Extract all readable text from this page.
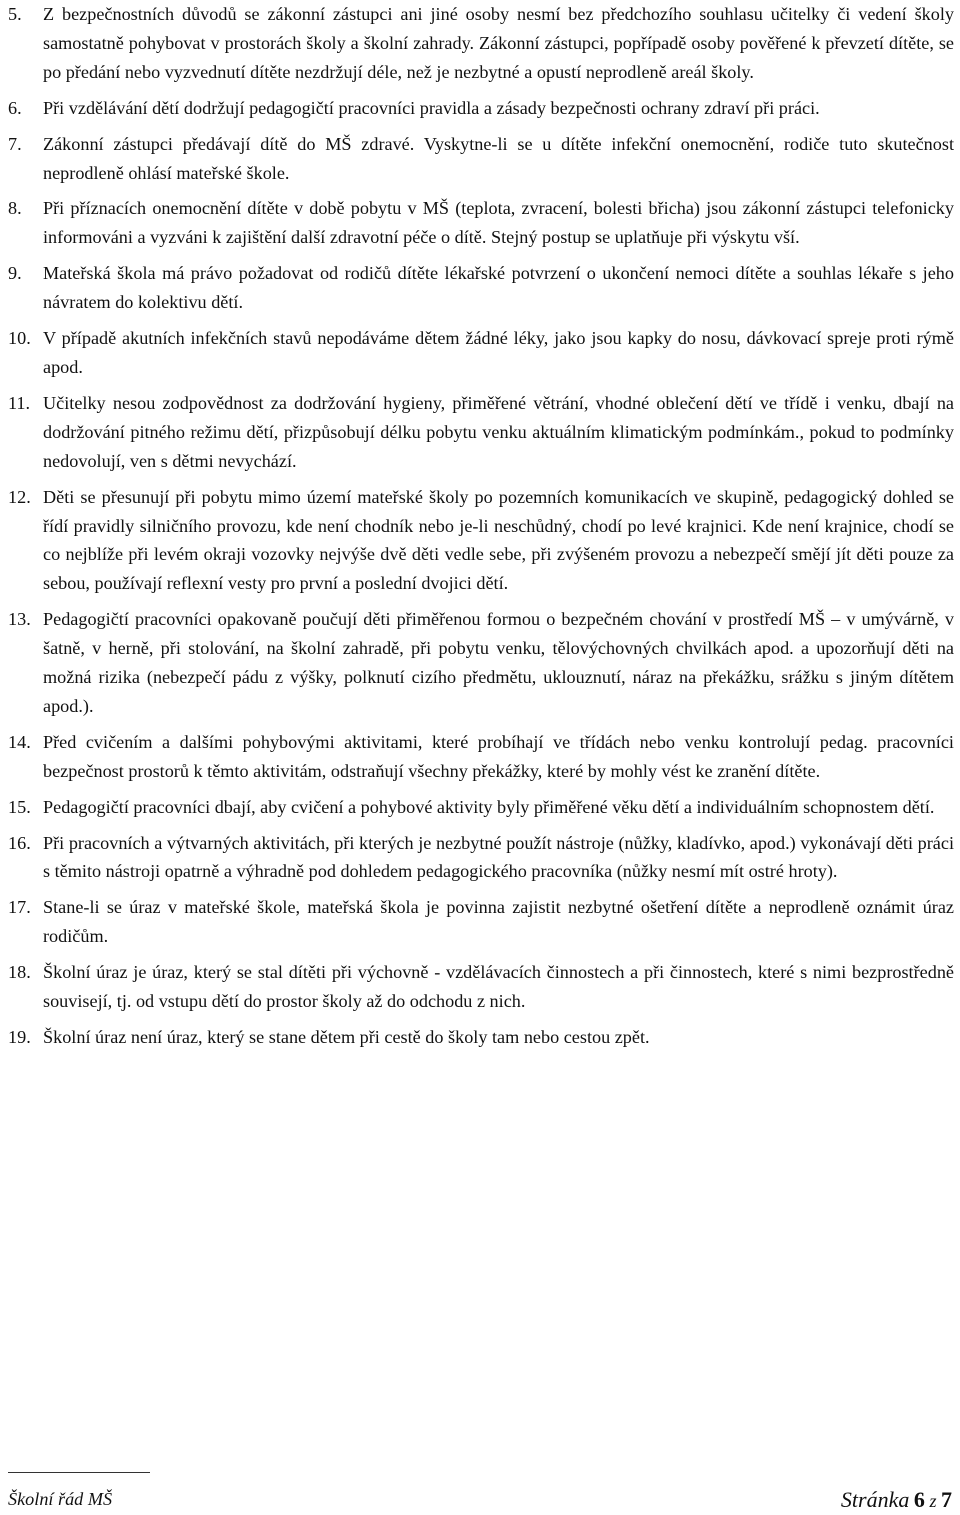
5.	Z bezpečnostních důvodů se zákonní zástupci ani jiné osoby nesmí bez předchozího souhlasu učitelky či vedení školy samostatně pohybovat v prostorách školy a školní zahrady. Zákonní zástupci, popřípadě osoby pověřené k převzetí dítěte, se po předání nebo vyzvednutí dítěte nezdržují déle, než je nezbytné a opustí neprodleně areál školy.
6.	Při vzdělávání dětí dodržují pedagogičtí pracovníci pravidla a zásady bezpečnosti ochrany zdraví při práci.
7.	Zákonní zástupci předávají dítě do MŠ zdravé. Vyskytne-li se u dítěte infekční onemocnění, rodiče tuto skutečnost neprodleně ohlásí mateřské škole.
8.	Při příznacích onemocnění dítěte v době pobytu v MŠ (teplota, zvracení, bolesti břicha) jsou zákonní zástupci telefonicky informováni a vyzváni k zajištění další zdravotní péče o dítě. Stejný postup se uplatňuje při výskytu vší.
9.	Mateřská škola má právo požadovat od rodičů dítěte lékařské potvrzení o ukončení nemoci dítěte a souhlas lékaře s jeho návratem do kolektivu dětí.
10. V případě akutních infekčních stavů nepodáváme dětem žádné léky, jako jsou kapky do nosu, dávkovací spreje proti rýmě apod.
11. Učitelky nesou zodpovědnost za dodržování hygieny, přiměřené větrání, vhodné oblečení dětí ve třídě i venku, dbají na dodržování pitného režimu dětí, přizpůsobují délku pobytu venku aktuálním klimatickým podmínkám., pokud to podmínky nedovolují, ven s dětmi nevychází.
12. Děti se přesunují při pobytu mimo území mateřské školy po pozemních komunikacích ve skupině, pedagogický dohled se řídí pravidly silničního provozu, kde není chodník nebo je-li neschůdný, chodí po levé krajnici. Kde není krajnice, chodí se co nejblíže při levém okraji vozovky nejvýše dvě děti vedle sebe, při zvýšeném provozu a nebezpečí smějí jít děti pouze za sebou, používají reflexní vesty pro první a poslední dvojici dětí.
13. Pedagogičtí pracovníci opakovaně poučují děti přiměřenou formou o bezpečném chování v prostředí MŠ – v umývárně, v šatně, v herně, při stolování, na školní zahradě, při pobytu venku, tělovýchovných chvilkách apod. a upozorňují děti na možná rizika (nebezpečí pádu z výšky, polknutí cizího předmětu, uklouznutí, náraz na překážku, srážku s jiným dítětem apod.).
14. Před cvičením a dalšími pohybovými aktivitami, které probíhají ve třídách nebo venku kontrolují pedag. pracovníci bezpečnost prostorů k těmto aktivitám, odstraňují všechny překážky, které by mohly vést ke zranění dítěte.
15. Pedagogičtí pracovníci dbají, aby cvičení a pohybové aktivity byly přiměřené věku dětí a individuálním schopnostem dětí.
16. Při pracovních a výtvarných aktivitách, při kterých je nezbytné použít nástroje (nůžky, kladívko, apod.) vykonávají děti práci s těmito nástroji opatrně a výhradně pod dohledem pedagogického pracovníka (nůžky nesmí mít ostré hroty).
17. Stane-li se úraz v mateřské škole, mateřská škola je povinna zajistit nezbytné ošetření dítěte a neprodleně oznámit úraz rodičům.
18. Školní úraz je úraz, který se stal dítěti při výchovně - vzdělávacích činnostech a při činnostech, které s nimi bezprostředně souvisejí, tj. od vstupu dětí do prostor školy až do odchodu z nich.
19. Školní úraz není úraz, který se stane dětem při cestě do školy tam nebo cestou zpět.
Školní řád MŠ	Stránka 6 z 7
